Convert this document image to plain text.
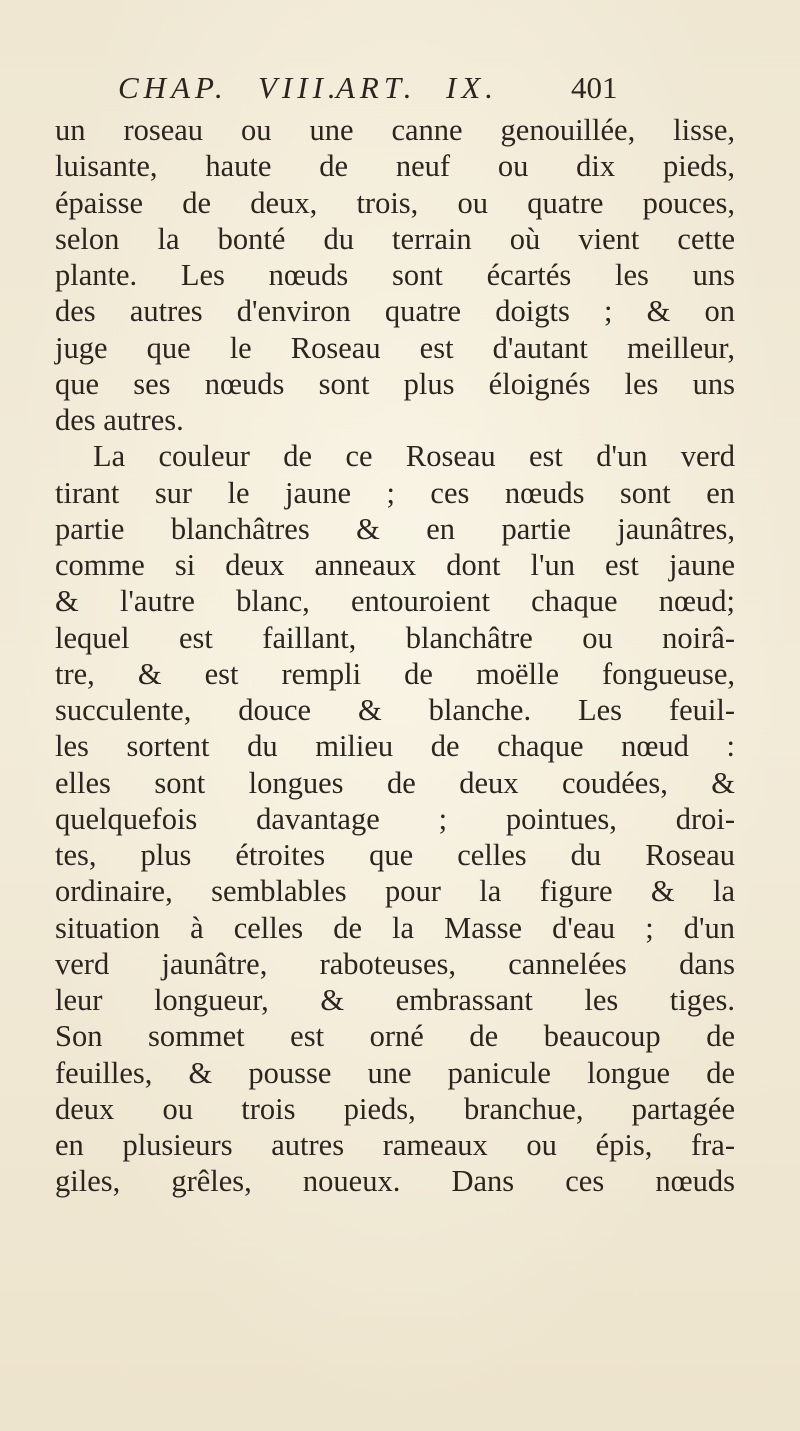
CHAP. VIII.ART. IX. 401
un roseau ou une canne genouillée, lisse,
luisante, haute de neuf ou dix pieds,
épaisse de deux, trois, ou quatre pouces,
selon la bonté du terrain où vient cette
plante. Les nœuds sont écartés les uns
des autres d'environ quatre doigts ; & on
juge que le Roseau est d'autant meilleur,
que ses nœuds sont plus éloignés les uns
des autres.
La couleur de ce Roseau est d'un verd
tirant sur le jaune ; ces nœuds sont en
partie blanchâtres & en partie jaunâtres,
comme si deux anneaux dont l'un est jaune
& l'autre blanc, entouroient chaque nœud;
lequel est faillant, blanchâtre ou noirâ-
tre, & est rempli de moëlle fongueuse,
succulente, douce & blanche. Les feuil-
les sortent du milieu de chaque nœud :
elles sont longues de deux coudées, &
quelquefois davantage ; pointues, droi-
tes, plus étroites que celles du Roseau
ordinaire, semblables pour la figure & la
situation à celles de la Masse d'eau ; d'un
verd jaunâtre, raboteuses, cannelées dans
leur longueur, & embrassant les tiges.
Son sommet est orné de beaucoup de
feuilles, & pousse une panicule longue de
deux ou trois pieds, branchue, partagée
en plusieurs autres rameaux ou épis, fra-
giles, grêles, noueux. Dans ces nœuds
